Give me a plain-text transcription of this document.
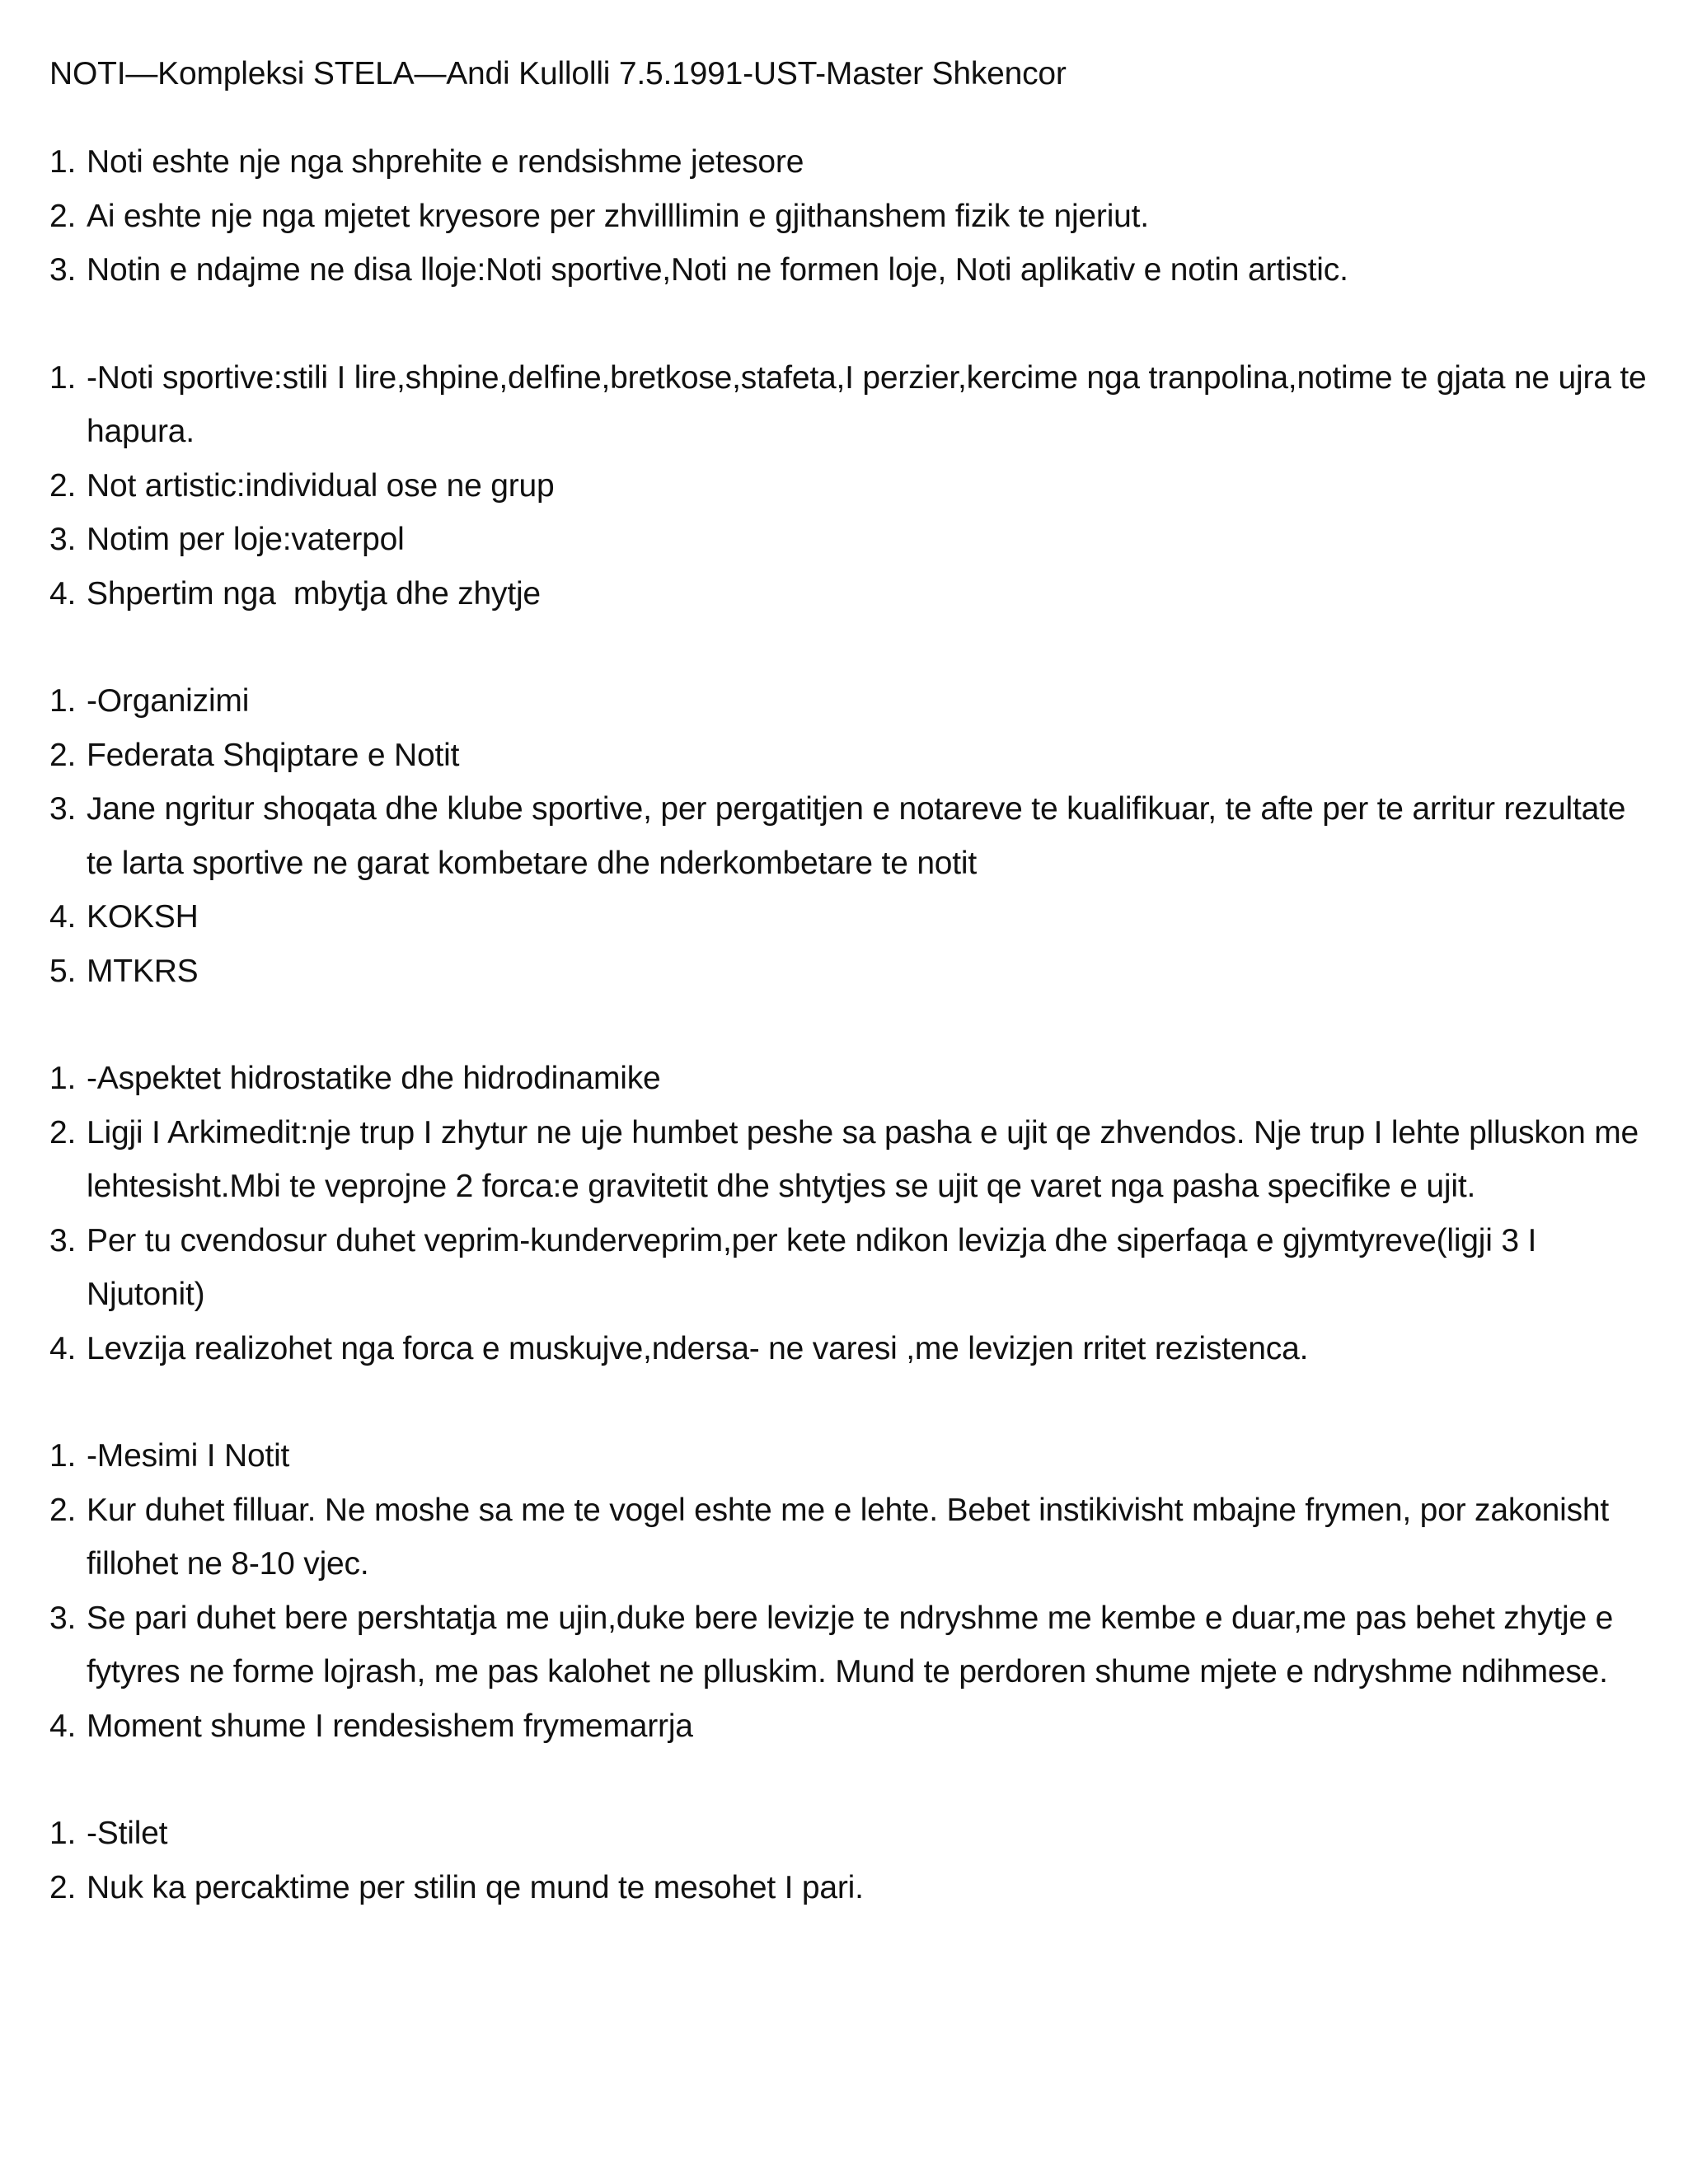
NOTI—Kompleksi STELA—Andi Kullolli 7.5.1991-UST-Master Shkencor
1. Noti eshte nje nga shprehite e rendsishme jetesore
2. Ai eshte nje nga mjetet kryesore per zhvilllimin e gjithanshem fizik te njeriut.
3. Notin e ndajme ne disa lloje:Noti sportive,Noti ne formen loje, Noti aplikativ e notin artistic.
1. -Noti sportive:stili I lire,shpine,delfine,bretkose,stafeta,I perzier,kercime nga tranpolina,notime te gjata ne ujra te hapura.
2. Not artistic:individual ose ne grup
3. Notim per loje:vaterpol
4. Shpertim nga  mbytja dhe zhytje
1. -Organizimi
2. Federata Shqiptare e Notit
3. Jane ngritur shoqata dhe klube sportive, per pergatitjen e notareve te kualifikuar, te afte per te arritur rezultate te larta sportive ne garat kombetare dhe nderkombetare te notit
4. KOKSH
5. MTKRS
1. -Aspektet hidrostatike dhe hidrodinamike
2. Ligji I Arkimedit:nje trup I zhytur ne uje humbet peshe sa pasha e ujit qe zhvendos. Nje trup I lehte plluskon me lehtesisht.Mbi te veprojne 2 forca:e gravitetit dhe shtytjes se ujit qe varet nga pasha specifike e ujit.
3. Per tu cvendosur duhet veprim-kunderveprim,per kete ndikon levizja dhe siperfaqa e gjymtyreve(ligji 3 I Njutonit)
4. Levzija realizohet nga forca e muskujve,ndersa- ne varesi ,me levizjen rritet rezistenca.
1. -Mesimi I Notit
2. Kur duhet filluar. Ne moshe sa me te vogel eshte me e lehte. Bebet instikivisht mbajne frymen, por zakonisht fillohet ne 8-10 vjec.
3. Se pari duhet bere pershtatja me ujin,duke bere levizje te ndryshme me kembe e duar,me pas behet zhytje e fytyres ne forme lojrash, me pas kalohet ne plluskim. Mund te perdoren shume mjete e ndryshme ndihmese.
4. Moment shume I rendesishem frymemarrja
1. -Stilet
2. Nuk ka percaktime per stilin qe mund te mesohet I pari.
